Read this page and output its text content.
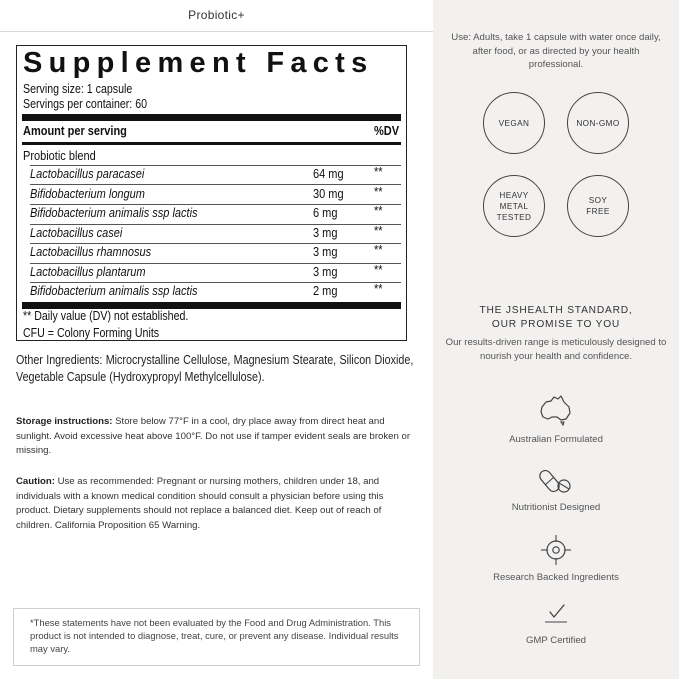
Probiotic+
Supplement Facts
Serving size: 1 capsule
Servings per container: 60
Amount per serving	%DV
Probiotic blend
Lactobacillus paracasei	64 mg **
Bifidobacterium longum	30 mg **
Bifidobacterium animalis ssp lactis	6 mg	**
Lactobacillus casei	3 mg	**
Lactobacillus rhamnosus	3 mg	**
Lactobacillus plantarum	3 mg	**
Bifidobacterium animalis ssp lactis	2 mg	**
** Daily value (DV) not established.
CFU = Colony Forming Units
Other Ingredients: Microcrystalline Cellulose, Magnesium Stearate, Silicon Dioxide, Vegetable Capsule (Hydroxypropyl Methylcellulose).
Storage instructions: Store below 77°F in a cool, dry place away from direct heat and sunlight. Avoid excessive heat above 100°F. Do not use if tamper evident seals are broken or missing.
Caution: Use as recommended: Pregnant or nursing mothers, children under 18, and individuals with a known medical condition should consult a physician before using this product. Dietary supplements should not replace a balanced diet. Keep out of reach of children. California Proposition 65 Warning.
*These statements have not been evaluated by the Food and Drug Administration. This product is not intended to diagnose, treat, cure, or prevent any disease. Individual results may vary.
Use: Adults, take 1 capsule with water once daily, after food, or as directed by your health professional.
VEGAN	NON-GMO
HEAVY METAL TESTED
SOY FREE
THE JSHEALTH STANDARD,
OUR PROMISE TO YOU
Our results-driven range is meticulously designed to nourish your health and confidence.
Australian Formulated
Nutritionist Designed
Research Backed Ingredients
GMP Certified
